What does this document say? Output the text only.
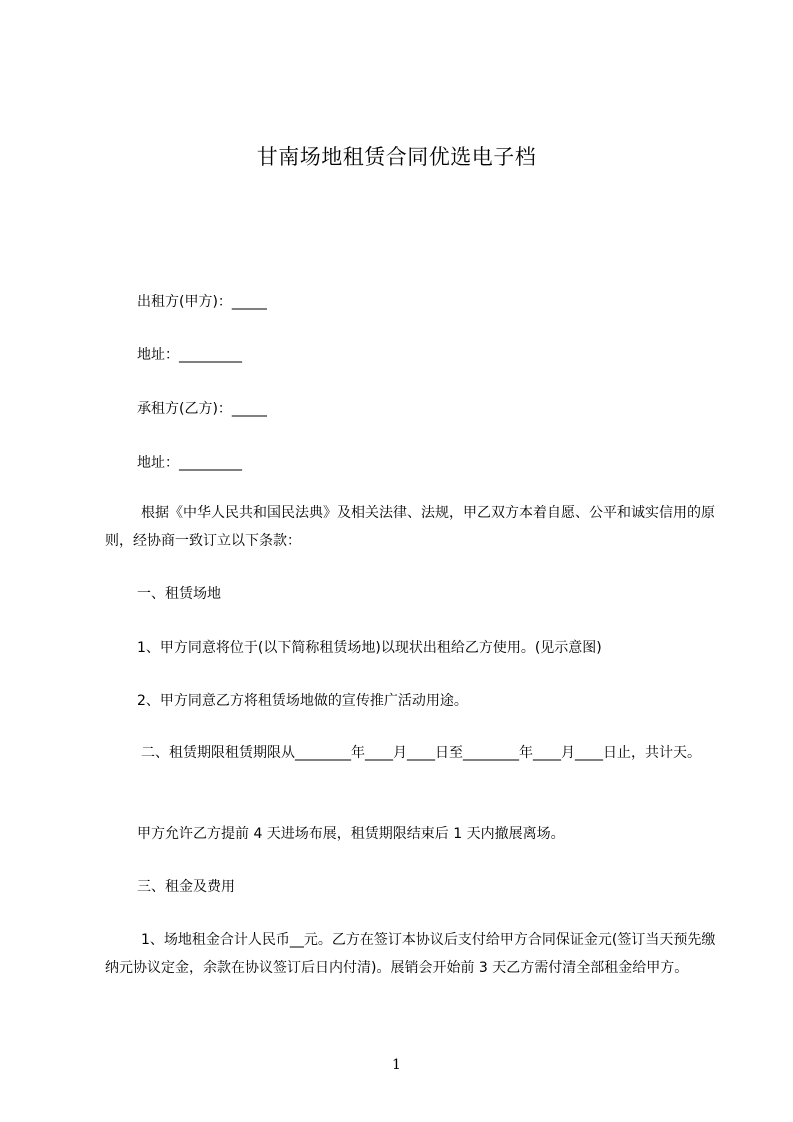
甘南场地租赁合同优选电子档

出租方(甲方)：_____

地址：_________

承租方(乙方)：_____

地址：_________

根据《中华人民共和国民法典》及相关法律、法规，甲乙双方本着自愿、公平和诚实信用的原则，经协商一致订立以下条款：

一、租赁场地

1、甲方同意将位于(以下简称租赁场地)以现状出租给乙方使用。(见示意图)

2、甲方同意乙方将租赁场地做的宣传推广活动用途。

二、租赁期限租赁期限从________年____月____日至________年____月____日止，共计天。

甲方允许乙方提前 4 天进场布展，租赁期限结束后 1 天内撤展离场。

三、租金及费用

1、场地租金合计人民币__元。乙方在签订本协议后支付给甲方合同保证金元(签订当天预先缴纳元协议定金，余款在协议签订后日内付清)。展销会开始前 3 天乙方需付清全部租金给甲方。

1
